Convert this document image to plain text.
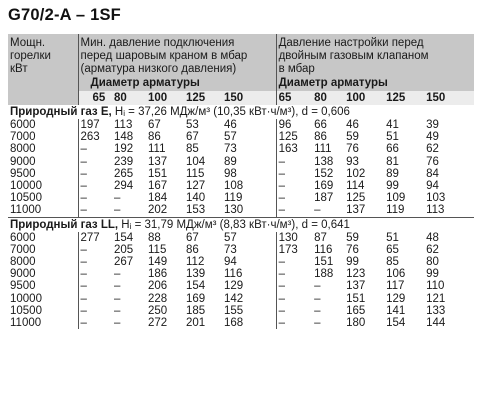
G70/2-A – 1SF
Мощн.
горелки
кВт	Мин. давление подключения
перед шаровым краном в мбар
(арматура низкого давления)					Давление настройки перед
двойным газовым клапаном
в мбар				

	Диаметр арматуры					Диаметр арматуры				
	65	80	100	125	150	65	80	100	125	150
Природный газ E, $H_i = 37,26$ МДж/м³ (10,35 кВт·ч/м³), d = 0,606										
6000	197	113	67	53	46	96	66	46	41	39
7000	263	148	86	67	57	125	86	59	51	49
8000	–	192	111	85	73	163	111	76	66	62
9000	–	239	137	104	89	–	138	93	81	76
9500	–	265	151	115	98	–	152	102	89	84
10000	–	294	167	127	108	–	169	114	99	94
10500	–	–	184	140	119	–	187	125	109	103
11000	–	–	202	153	130	–	–	137	119	113
Природный газ LL, $H_i = 31,79$ МДж/м³ (8,83 кВт·ч/м³), d = 0,641										
6000	277	154	88	67	57	130	87	59	51	48
7000	–	205	115	86	73	173	116	76	65	62
8000	–	267	149	112	94	–	151	99	85	80
9000	–	–	186	139	116	–	188	123	106	99
9500	–	–	206	154	129	–	–	137	117	110
10000	–	–	228	169	142	–	–	151	129	121
10500	–	–	250	185	155	–	–	165	141	133
11000	–	–	272	201	168	–	–	180	154	144
